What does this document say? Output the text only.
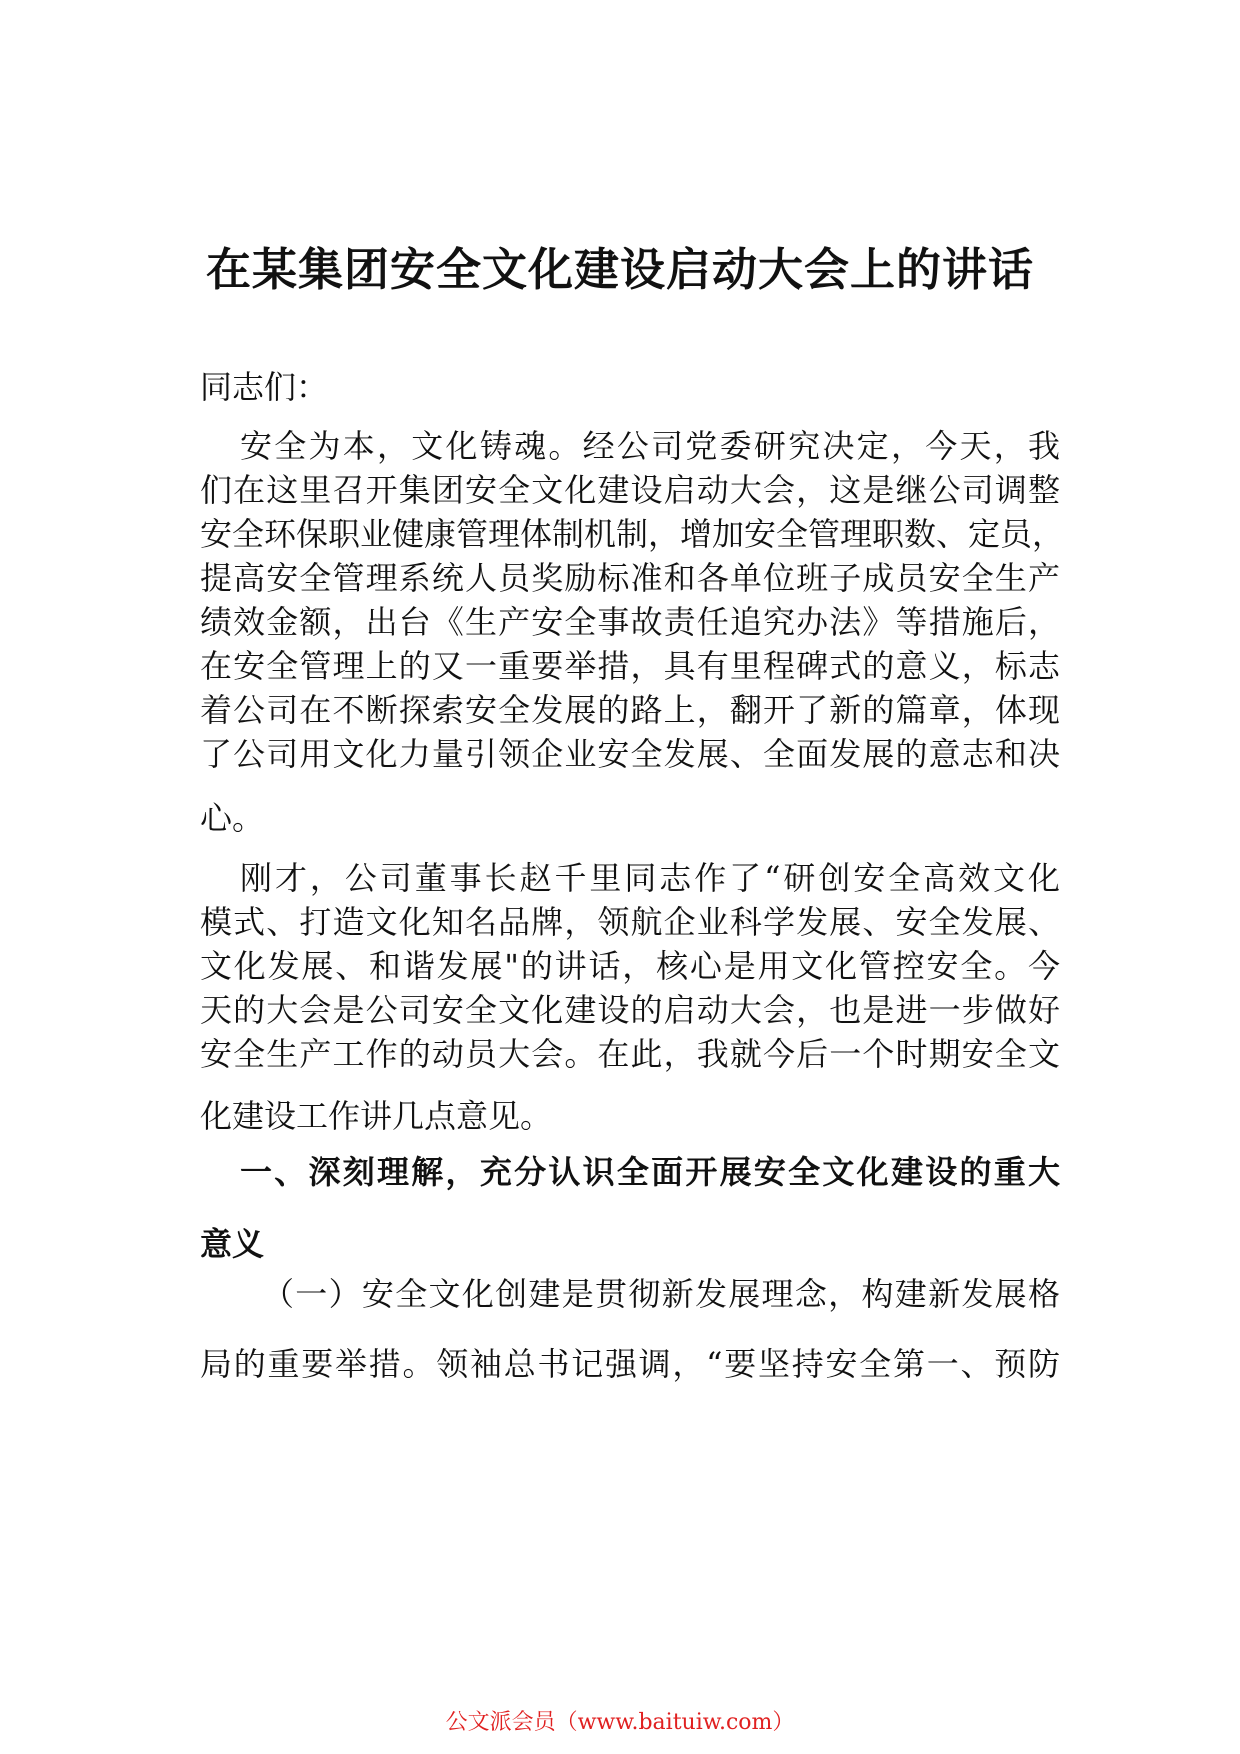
在某集团安全文化建设启动大会上的讲话

同志们：

安全为本，文化铸魂。经公司党委研究决定，今天，我

们在这里召开集团安全文化建设启动大会，这是继公司调整

安全环保职业健康管理体制机制，增加安全管理职数、定员，

提高安全管理系统人员奖励标准和各单位班子成员安全生产

绩效金额，出台《生产安全事故责任追究办法》等措施后，

在安全管理上的又一重要举措，具有里程碑式的意义，标志

着公司在不断探索安全发展的路上，翻开了新的篇章，体现

了公司用文化力量引领企业安全发展、全面发展的意志和决

心。

刚才，公司董事长赵千里同志作了“研创安全高效文化

模式、打造文化知名品牌，领航企业科学发展、安全发展、

文化发展、和谐发展"的讲话，核心是用文化管控安全。今

天的大会是公司安全文化建设的启动大会，也是进一步做好

安全生产工作的动员大会。在此，我就今后一个时期安全文

化建设工作讲几点意见。

一、深刻理解，充分认识全面开展安全文化建设的重大

意义

（一）安全文化创建是贯彻新发展理念，构建新发展格

局的重要举措。领袖总书记强调，“要坚持安全第一、预防

公文派会员（www.baituiw.com）
